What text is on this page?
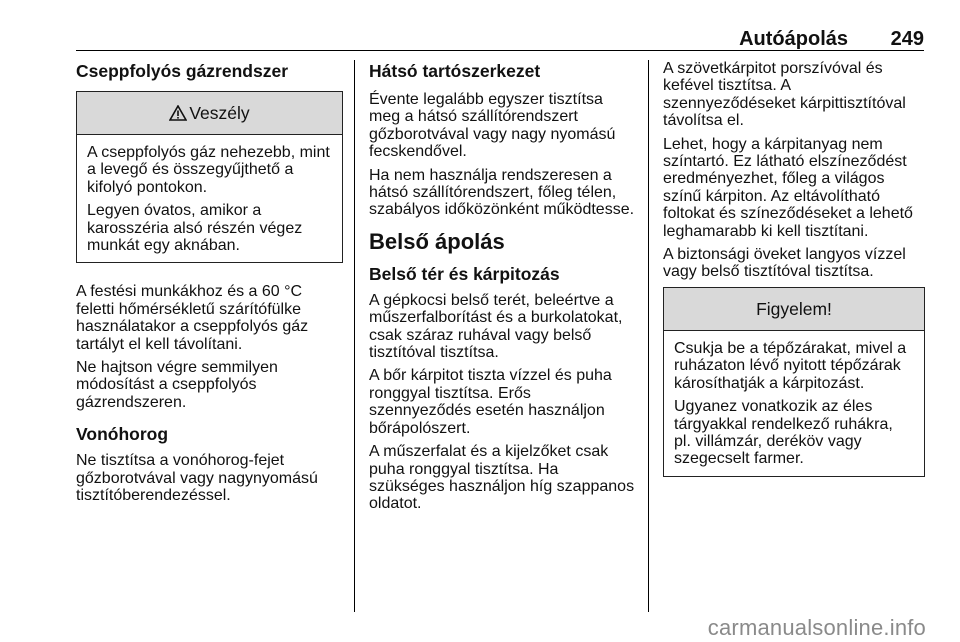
Autóápolás 249
Cseppfolyós gázrendszer
Veszély

A cseppfolyós gáz nehezebb, mint a levegő és összegyűjthető a kifolyó pontokon.

Legyen óvatos, amikor a karosszéria alsó részén végez munkát egy aknában.

A festési munkákhoz és a 60 °C feletti hőmérsékletű szárítófülke használatakor a cseppfolyós gáz tartályt el kell távolítani.

Ne hajtson végre semmilyen módosítást a cseppfolyós gázrendszeren.

Vonóhorog

Ne tisztítsa a vonóhorog-fejet gőzborotvával vagy nagynyomású tisztítóberendezéssel.

Hátsó tartószerkezet

Évente legalább egyszer tisztítsa meg a hátsó szállítórendszert gőzborotvával vagy nagy nyomású fecskendővel.

Ha nem használja rendszeresen a hátsó szállítórendszert, főleg télen, szabályos időközönként működtesse.

Belső ápolás
Belső tér és kárpitozás

A gépkocsi belső terét, beleértve a műszerfalborítást és a burkolatokat, csak száraz ruhával vagy belső tisztítóval tisztítsa.

A bőr kárpitot tiszta vízzel és puha ronggyal tisztítsa. Erős szennyeződés esetén használjon bőrápolószert.

A műszerfalat és a kijelzőket csak puha ronggyal tisztítsa. Ha szükséges használjon híg szappanos oldatot.

A szövetkárpitot porszívóval és kefével tisztítsa. A szennyeződéseket kárpittisztítóval távolítsa el.

Lehet, hogy a kárpitanyag nem színtartó. Ez látható elszíneződést eredményezhet, főleg a világos színű kárpiton. Az eltávolítható foltokat és színeződéseket a lehető leghamarabb ki kell tisztítani.

A biztonsági öveket langyos vízzel vagy belső tisztítóval tisztítsa.

Figyelem!

Csukja be a tépőzárakat, mivel a ruházaton lévő nyitott tépőzárak károsíthatják a kárpitozást.

Ugyanez vonatkozik az éles tárgyakkal rendelkező ruhákra, pl. villámzár, deréköv vagy szegecselt farmer.

carmanualsonline.info
